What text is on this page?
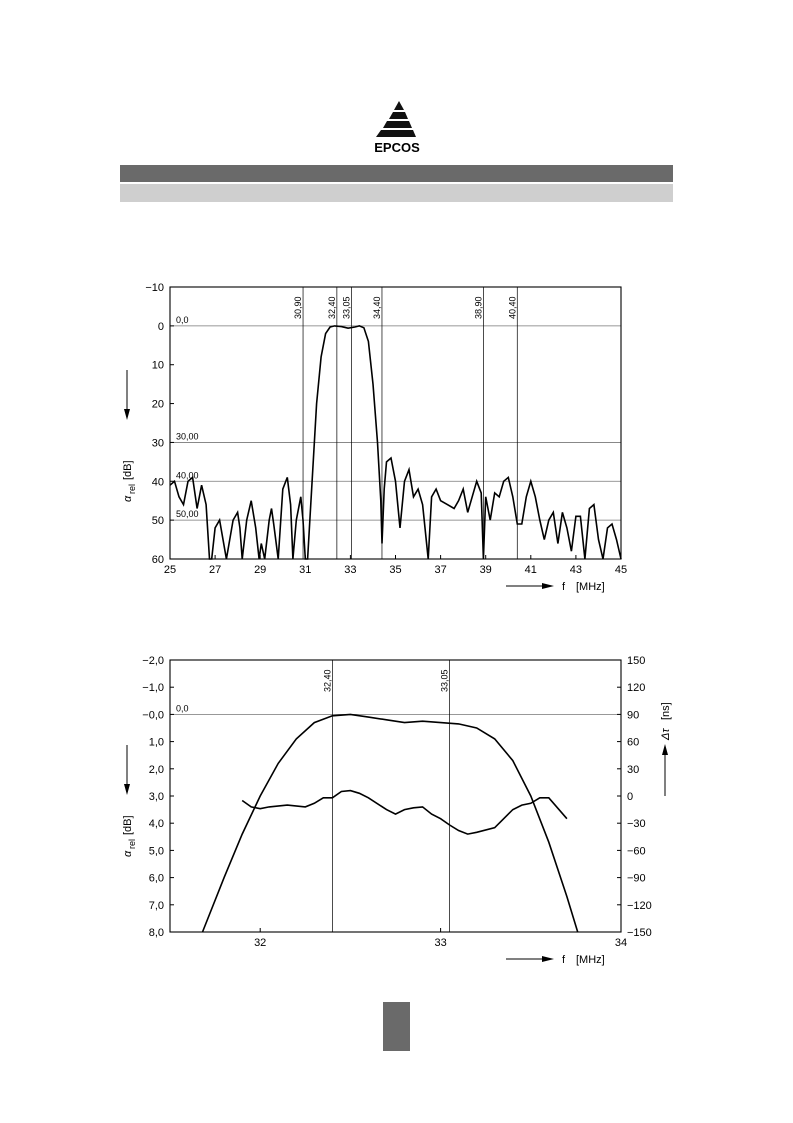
EPCOS
0,0
30,00
40,00
50,00
30,90	32,40 33,05 34,40	38,90	40,40
25	27	29	31	33	35	37	39	41	43	45
−10
0
10
20
30
40
50
60
f [MHz]
α
rel
[dB]
0,0
32,40	33,05
32	33	34
−2,0
−1,0
−0,0
1,0
2,0
3,0
4,0
5,0
6,0
7,0
8,0
150
120
90
60
30
0
−30
−60
−90
−120
−150
f [MHz]
α
rel
[dB]
Δτ
[ns]
